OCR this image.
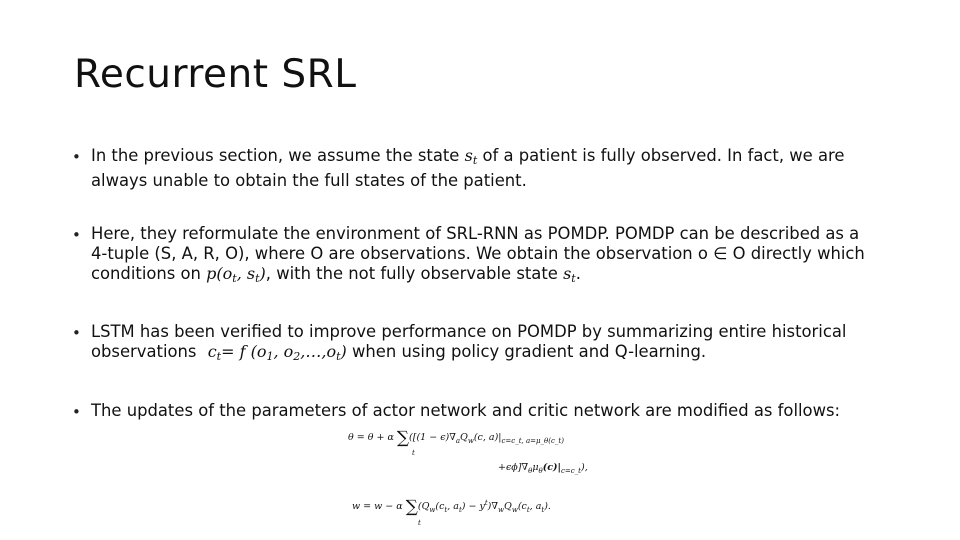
Recurrent SRL
• In the previous section, we assume the state $s_t$ of a patient is fully observed. In fact, we are
always unable to obtain the full states of the patient.
• Here, they reformulate the environment of SRL-RNN as POMDP. POMDP can be described as a
4-tuple (S, A, R, O), where O are observations. We obtain the observation o ∈ O directly which
conditions on $p(o_t$, $s_t$), with the not fully observable state $s_t$.
• LSTM has been verified to improve performance on POMDP by summarizing entire historical
observations $c_t= f$ ($o_1$, $o_2,\dots,o_t$) when using policy gradient and Q-learning.
• The updates of the parameters of actor network and critic network are modified as follows:
θ = θ + α $\sum([(1 - \epsilon)\nabla_aQ_w(c$, $a)|_{c=c\_t, a=\mu\_\theta(c\_t)}$
t
$+\epsilon\phi]\nabla_\theta\mu_\theta(c)|_{c=c\_t}$),
w = w − α $\sum(Q_w(c_t$, $a_t) - y^t)\nabla_wQ_w(c_t$, $a_t$).
t
